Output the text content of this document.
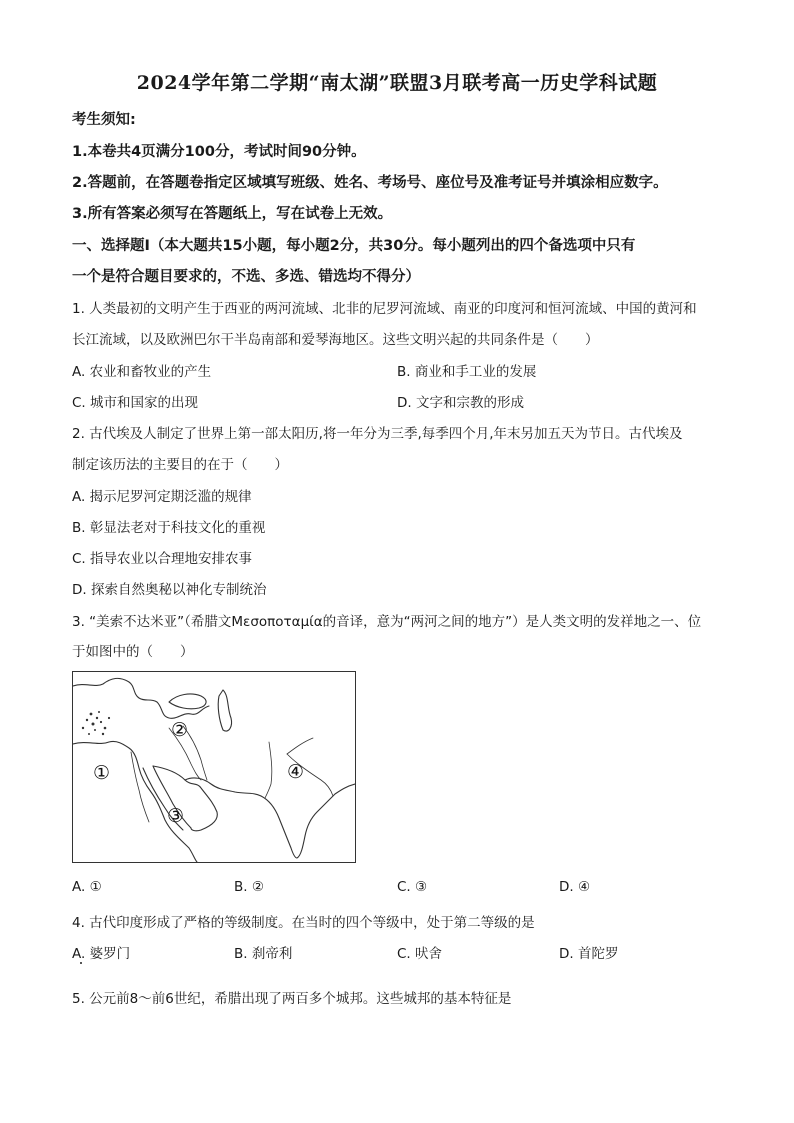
2024学年第二学期“南太湖”联盟3月联考高一历史学科试题
考生须知:
1.本卷共4页满分100分，考试时间90分钟。
2.答题前，在答题卷指定区域填写班级、姓名、考场号、座位号及准考证号并填涂相应数字。
3.所有答案必须写在答题纸上，写在试卷上无效。
一、选择题Ⅰ（本大题共15小题，每小题2分，共30分。每小题列出的四个备选项中只有
一个是符合题目要求的，不选、多选、错选均不得分）
1. 人类最初的文明产生于西亚的两河流域、北非的尼罗河流域、南亚的印度河和恒河流域、中国的黄河和
长江流域，以及欧洲巴尔干半岛南部和爱琴海地区。这些文明兴起的共同条件是（　　）
A. 农业和畜牧业的产生	B. 商业和手工业的发展
C. 城市和国家的出现	D. 文字和宗教的形成
2. 古代埃及人制定了世界上第一部太阳历,将一年分为三季,每季四个月,年末另加五天为节日。古代埃及
制定该历法的主要目的在于（　　）
A. 揭示尼罗河定期泛滥的规律
B. 彰显法老对于科技文化的重视
C. 指导农业以合理地安排农事
D. 探索自然奥秘以神化专制统治
3. “美索不达米亚”（希腊文Μεσοποταμία的音译，意为“两河之间的地方”）是人类文明的发祥地之一、位
于如图中的（　　）
②
①
③
④
A. ①	B. ②	C. ③	D. ④
4. 古代印度形成了严格的等级制度。在当时的四个等级中，处于第二等级的是
A. 婆罗门	B. 刹帝利	C. 吠舍	D. 首陀罗
5. 公元前8～前6世纪，希腊出现了两百多个城邦。这些城邦的基本特征是
